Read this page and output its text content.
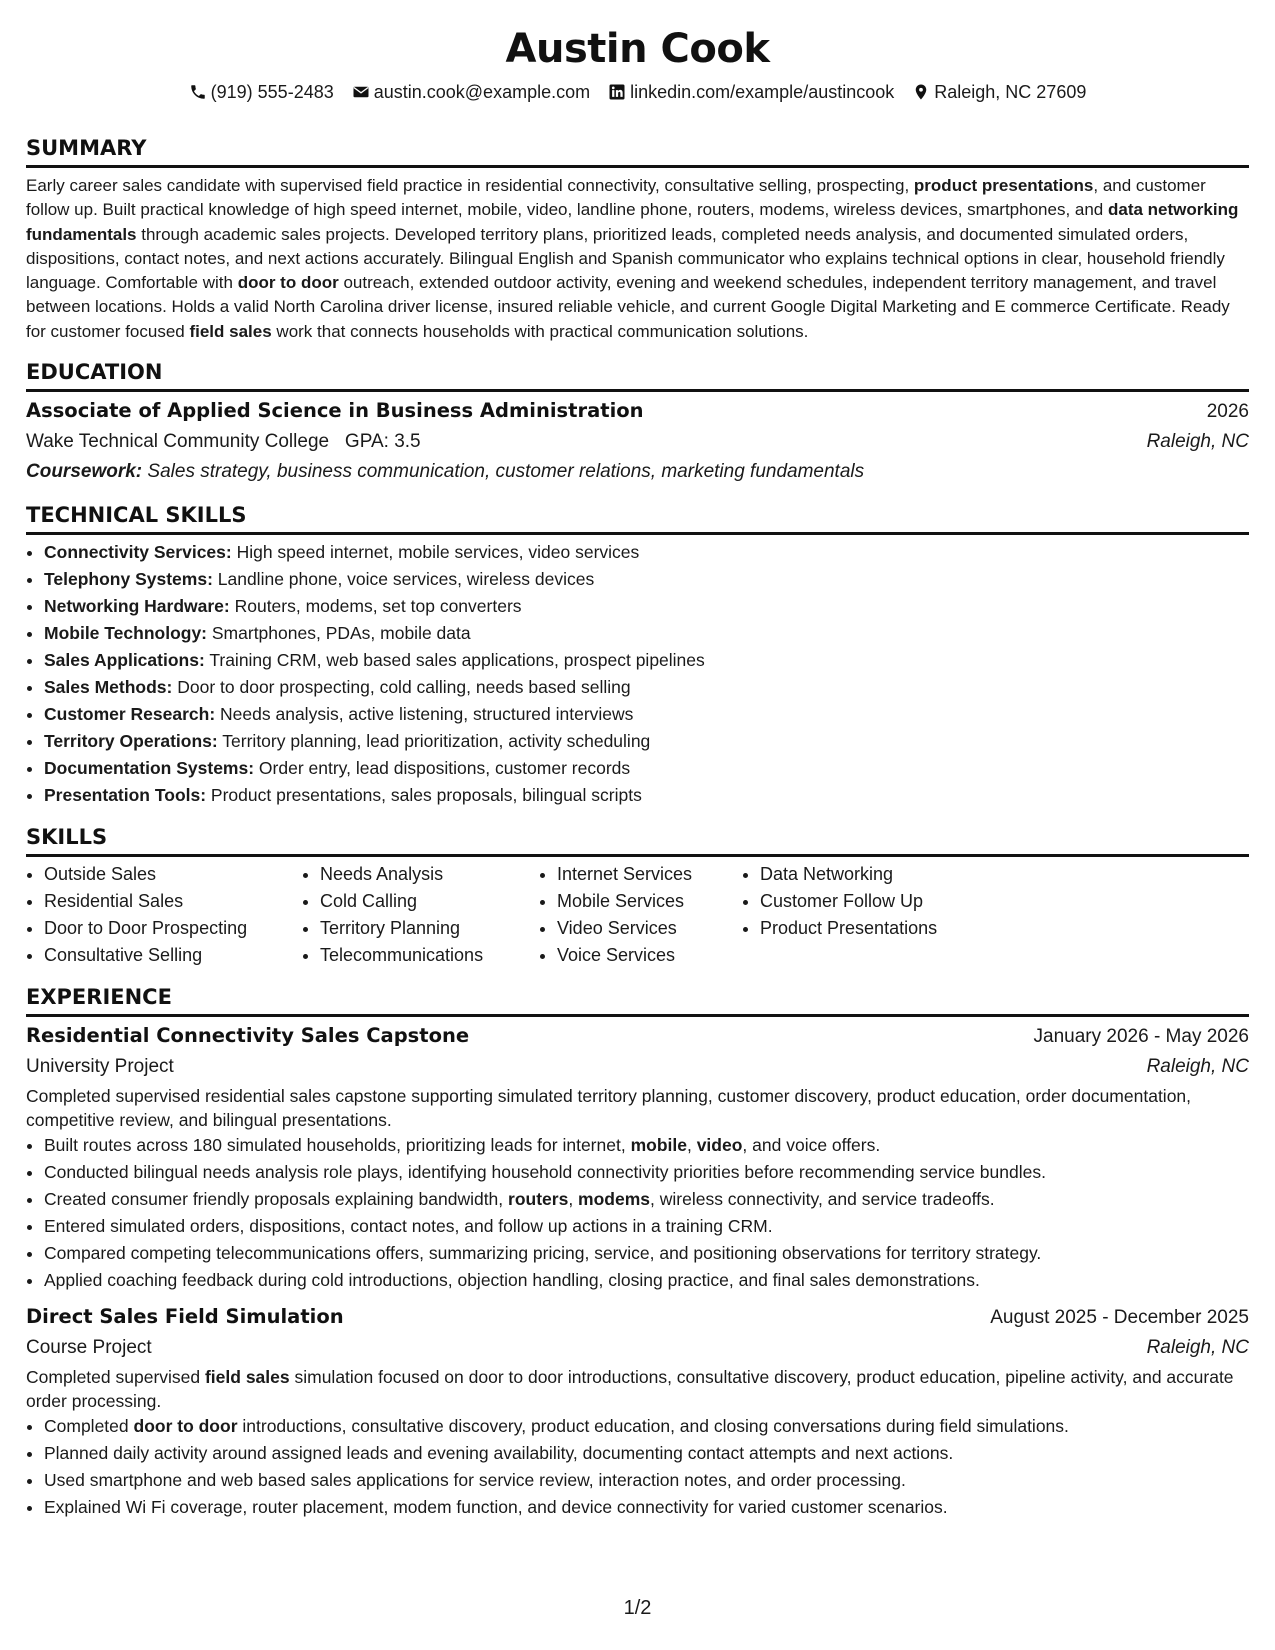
Austin Cook
(919) 555-2483 austin.cook@example.com linkedin.com/example/austincook Raleigh, NC 27609
SUMMARY

Early career sales candidate with supervised field practice in residential connectivity, consultative selling, prospecting, product presentations, and customer follow up. Built practical knowledge of high speed internet, mobile, video, landline phone, routers, modems, wireless devices, smartphones, and data networking fundamentals through academic sales projects. Developed territory plans, prioritized leads, completed needs analysis, and documented simulated orders, dispositions, contact notes, and next actions accurately. Bilingual English and Spanish communicator who explains technical options in clear, household friendly language. Comfortable with door to door outreach, extended outdoor activity, evening and weekend schedules, independent territory management, and travel between locations. Holds a valid North Carolina driver license, insured reliable vehicle, and current Google Digital Marketing and E commerce Certificate. Ready for customer focused field sales work that connects households with practical communication solutions.

EDUCATION
Associate of Applied Science in Business Administration	2026
Wake Technical Community College GPA: 3.5	Raleigh, NC
Coursework: Sales strategy, business communication, customer relations, marketing fundamentals
TECHNICAL SKILLS
• Connectivity Services: High speed internet, mobile services, video services
• Telephony Systems: Landline phone, voice services, wireless devices
• Networking Hardware: Routers, modems, set top converters
• Mobile Technology: Smartphones, PDAs, mobile data
• Sales Applications: Training CRM, web based sales applications, prospect pipelines
• Sales Methods: Door to door prospecting, cold calling, needs based selling
• Customer Research: Needs analysis, active listening, structured interviews
• Territory Operations: Territory planning, lead prioritization, activity scheduling
• Documentation Systems: Order entry, lead dispositions, customer records
• Presentation Tools: Product presentations, sales proposals, bilingual scripts
SKILLS
• Outside Sales
• Residential Sales
• Door to Door Prospecting
• Consultative Selling
• Needs Analysis
• Cold Calling
• Territory Planning
• Telecommunications
• Internet Services
• Mobile Services
• Video Services
• Voice Services
• Data Networking
• Customer Follow Up
• Product Presentations
EXPERIENCE
Residential Connectivity Sales Capstone	January 2026 - May 2026
University Project	Raleigh, NC

Completed supervised residential sales capstone supporting simulated territory planning, customer discovery, product education, order documentation, competitive review, and bilingual presentations.

• Built routes across 180 simulated households, prioritizing leads for internet, mobile, video, and voice offers.
• Conducted bilingual needs analysis role plays, identifying household connectivity priorities before recommending service bundles.
• Created consumer friendly proposals explaining bandwidth, routers, modems, wireless connectivity, and service tradeoffs.
• Entered simulated orders, dispositions, contact notes, and follow up actions in a training CRM.
• Compared competing telecommunications offers, summarizing pricing, service, and positioning observations for territory strategy.
• Applied coaching feedback during cold introductions, objection handling, closing practice, and final sales demonstrations.
Direct Sales Field Simulation	August 2025 - December 2025
Course Project	Raleigh, NC

Completed supervised field sales simulation focused on door to door introductions, consultative discovery, product education, pipeline activity, and accurate order processing.

• Completed door to door introductions, consultative discovery, product education, and closing conversations during field simulations.
• Planned daily activity around assigned leads and evening availability, documenting contact attempts and next actions.
• Used smartphone and web based sales applications for service review, interaction notes, and order processing.
• Explained Wi Fi coverage, router placement, modem function, and device connectivity for varied customer scenarios.
1/2
